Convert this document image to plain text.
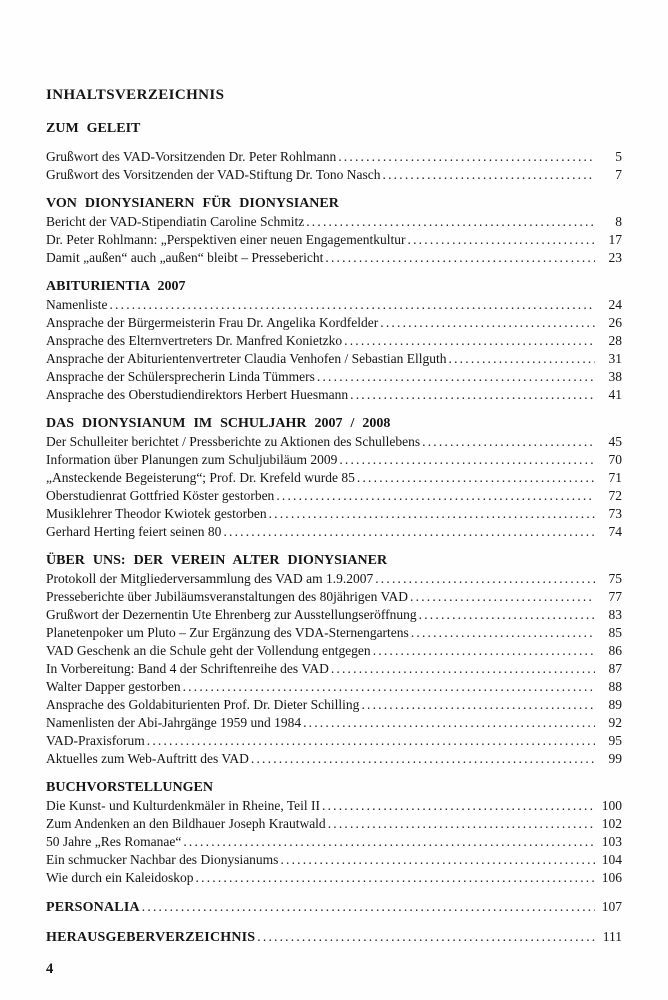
INHALTSVERZEICHNIS
ZUM GELEIT
Grußwort des VAD-Vorsitzenden Dr. Peter Rohlmann .....	5
Grußwort des Vorsitzenden der VAD-Stiftung Dr. Tono Nasch .....	7
VON DIONYSIANERN FÜR DIONYSIANER
Bericht der VAD-Stipendiatin Caroline Schmitz .....	8
Dr. Peter Rohlmann: „Perspektiven einer neuen Engagementkultur .....	17
Damit „außen“ auch „außen“ bleibt – Pressebericht .....	23
ABITURIENTIA 2007
Namenliste .....	24
Ansprache der Bürgermeisterin Frau Dr. Angelika Kordfelder .....	26
Ansprache des Elternvertreters Dr. Manfred Konietzko .....	28
Ansprache der Abiturientenvertreter Claudia Venhofen / Sebastian Ellguth .....	31
Ansprache der Schülersprecherin Linda Tümmers .....	38
Ansprache des Oberstudiendirektors Herbert Huesmann .....	41
DAS DIONYSIANUM IM SCHULJAHR 2007 / 2008
Der Schulleiter berichtet / Pressberichte zu Aktionen des Schullebens .....	45
Information über Planungen zum Schuljubiläum 2009 .....	70
„Ansteckende Begeisterung“; Prof. Dr. Krefeld wurde 85 .....	71
Oberstudienrat Gottfried Köster gestorben .....	72
Musiklehrer Theodor Kwiotek gestorben .....	73
Gerhard Herting feiert seinen 80 .....	74
ÜBER UNS: DER VEREIN ALTER DIONYSIANER
Protokoll der Mitgliederversammlung des VAD am 1.9.2007 .....	75
Presseberichte über Jubiläumsveranstaltungen des 80jährigen VAD .....	77
Grußwort der Dezernentin Ute Ehrenberg zur Ausstellungseröffnung .....	83
Planetenpoker um Pluto – Zur Ergänzung des VDA-Sternengartens .....	85
VAD Geschenk an die Schule geht der Vollendung entgegen .....	86
In Vorbereitung: Band 4 der Schriftenreihe des VAD .....	87
Walter Dapper gestorben .....	88
Ansprache des Goldabiturienten Prof. Dr. Dieter Schilling .....	89
Namenlisten der Abi-Jahrgänge 1959 und 1984 .....	92
VAD-Praxisforum .....	95
Aktuelles zum Web-Auftritt des VAD .....	99
BUCHVORSTELLUNGEN
Die Kunst- und Kulturdenkmäler in Rheine, Teil II .....	100
Zum Andenken an den Bildhauer Joseph Krautwald .....	102
50 Jahre „Res Romanae“ .....	103
Ein schmucker Nachbar des Dionysianums .....	104
Wie durch ein Kaleidoskop .....	106
PERSONALIA .....	107
HERAUSGEBERVERZEICHNIS .....	111
4
